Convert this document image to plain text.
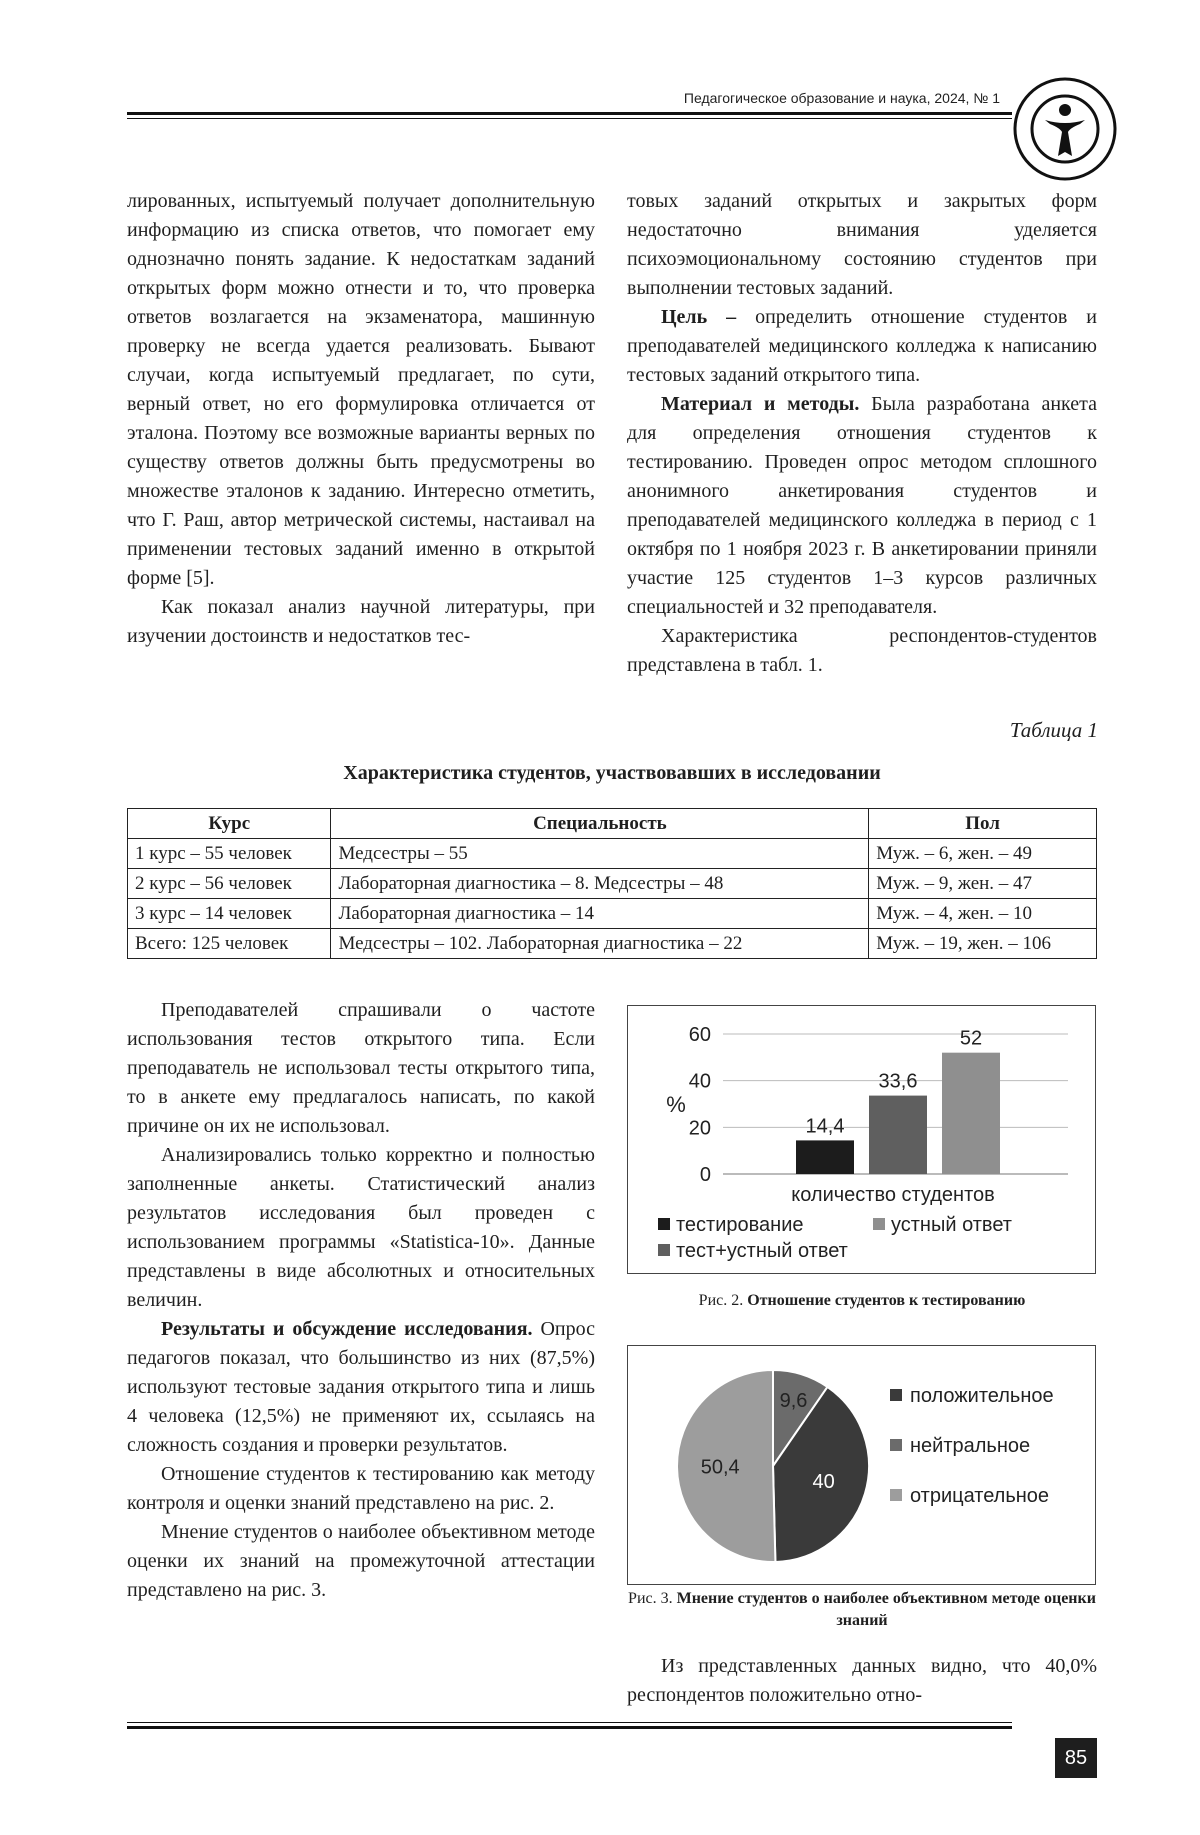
Педагогическое образование и наука, 2024, № 1

лированных, испытуемый получает дополнительную информацию из списка ответов, что помогает ему однозначно понять задание. К недостаткам заданий открытых форм можно отнести и то, что проверка ответов возлагается на экзаменатора, машинную проверку не всегда удается реализовать. Бывают случаи, когда испытуемый предлагает, по сути, верный ответ, но его формулировка отличается от эталона. Поэтому все возможные варианты верных по существу ответов должны быть предусмотрены во множестве эталонов к заданию. Интересно отметить, что Г. Раш, автор метрической системы, настаивал на применении тестовых заданий именно в открытой форме [5].

Как показал анализ научной литературы, при изучении достоинств и недостатков тес-

товых заданий открытых и закрытых форм недостаточно внимания уделяется психоэмоциональному состоянию студентов при выполнении тестовых заданий.

Цель – определить отношение студентов и преподавателей медицинского колледжа к написанию тестовых заданий открытого типа.

Материал и методы. Была разработана анкета для определения отношения студентов к тестированию. Проведен опрос методом сплошного анонимного анкетирования студентов и преподавателей медицинского колледжа в период с 1 октября по 1 ноября 2023 г. В анкетировании приняли участие 125 студентов 1–3 курсов различных специальностей и 32 преподавателя.

Характеристика респондентов-студентов представлена в табл. 1.

Таблица 1
Характеристика студентов, участвовавших в исследовании
Курс	Специальность	Пол
1 курс – 55 человек	Медсестры – 55	Муж. – 6, жен. – 49
2 курс – 56 человек	Лабораторная диагностика – 8. Медсестры – 48	Муж. – 9, жен. – 47
3 курс – 14 человек	Лабораторная диагностика – 14	Муж. – 4, жен. – 10
Всего: 125 человек	Медсестры – 102. Лабораторная диагностика – 22	Муж. – 19, жен. – 106

Преподавателей спрашивали о частоте использования тестов открытого типа. Если преподаватель не использовал тесты открытого типа, то в анкете ему предлагалось написать, по какой причине он их не использовал.

Анализировались только корректно и полностью заполненные анкеты. Статистический анализ результатов исследования был проведен с использованием программы «Statistica-10». Данные представлены в виде абсолютных и относительных величин.

Результаты и обсуждение исследования. Опрос педагогов показал, что большинство из них (87,5%) используют тестовые задания открытого типа и лишь 4 человека (12,5%) не применяют их, ссылаясь на сложность создания и проверки результатов.

Отношение студентов к тестированию как методу контроля и оценки знаний представлено на рис. 2.

Мнение студентов о наиболее объективном методе оценки их знаний на промежуточной аттестации представлено на рис. 3.

0
20
40
60
%
14,4
33,6
52
количество студентов
тестирование	устный ответ
тест+устный ответ
Рис. 2. Отношение студентов к тестированию
9,6
40
50,4
положительное
нейтральное
отрицательное
Рис. 3. Мнение студентов о наиболее объективном методе оценки знаний

Из представленных данных видно, что 40,0% респондентов положительно отно-

85
